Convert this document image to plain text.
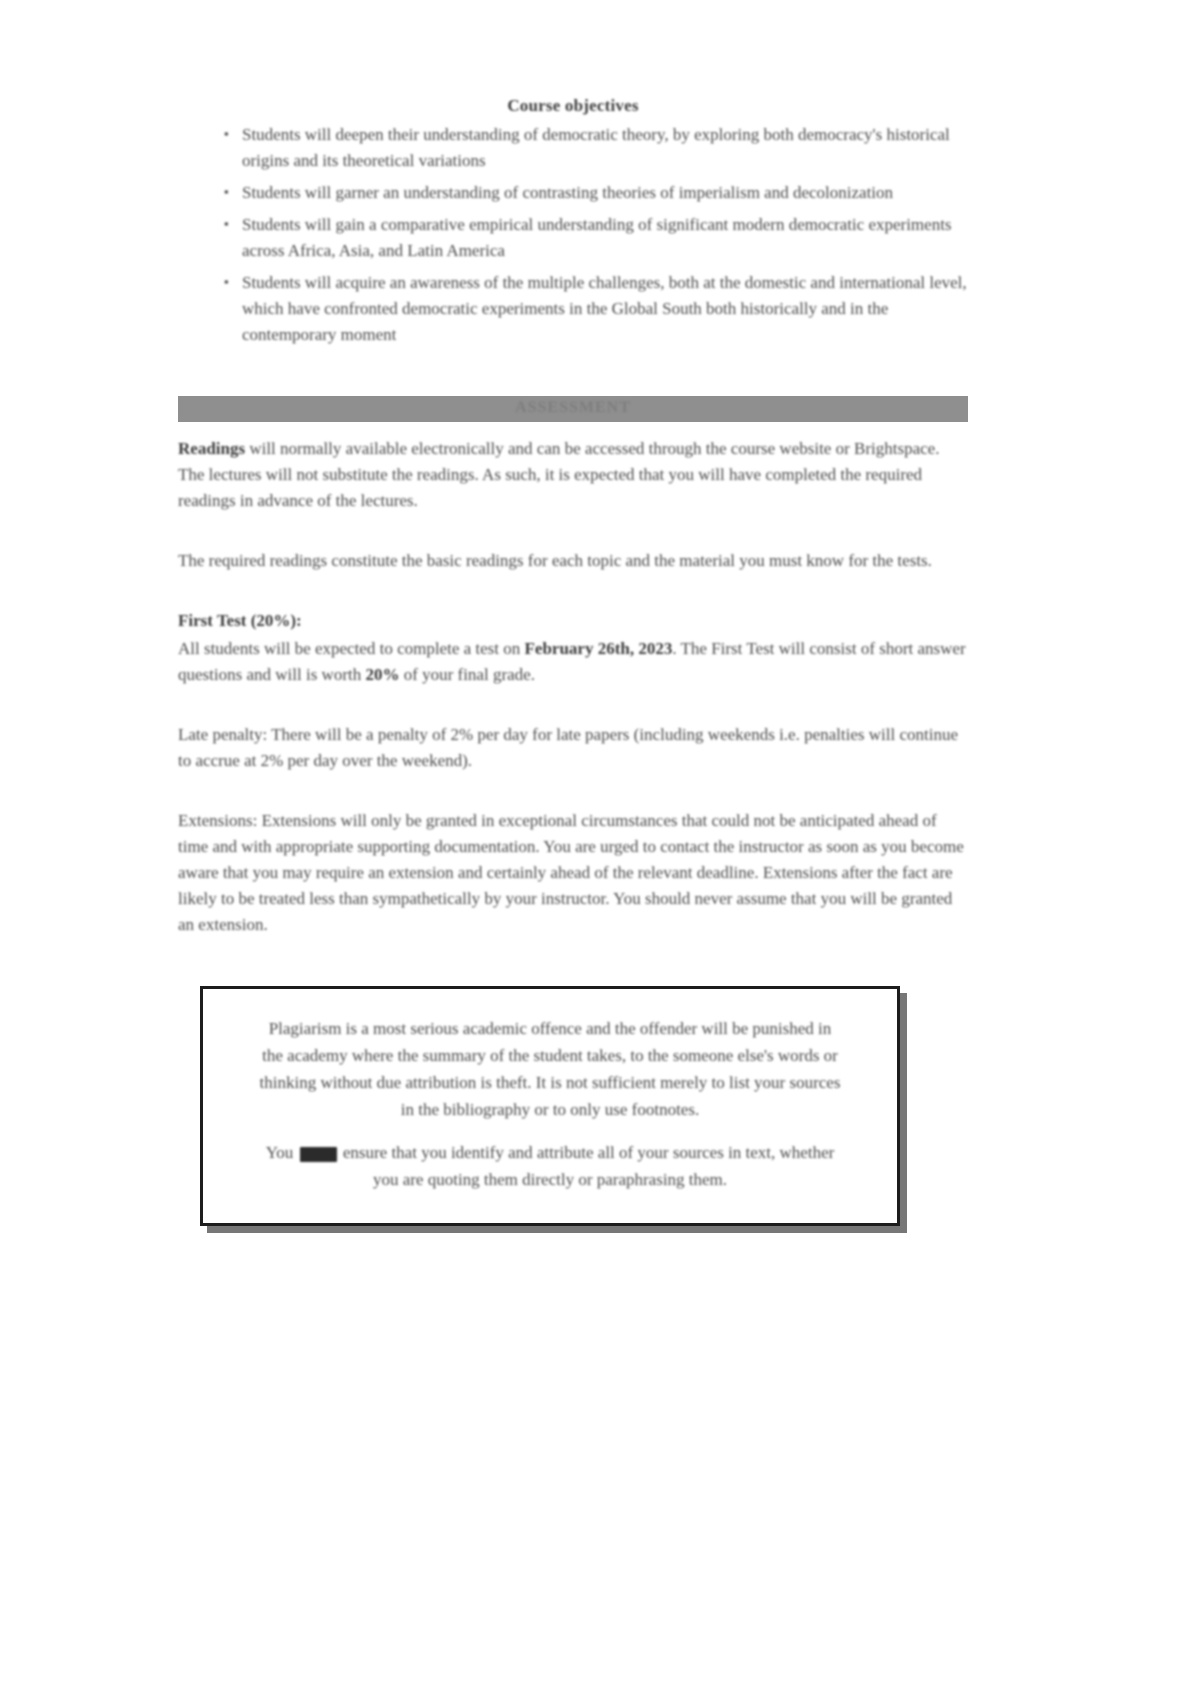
Course objectives
▪ Students will deepen their understanding of democratic theory, by exploring both democracy's historical origins and its theoretical variations
▪ Students will garner an understanding of contrasting theories of imperialism and decolonization
▪ Students will gain a comparative empirical understanding of significant modern democratic experiments across Africa, Asia, and Latin America
▪ Students will acquire an awareness of the multiple challenges, both at the domestic and international level, which have confronted democratic experiments in the Global South both historically and in the contemporary moment
ASSESSMENT

Readings will normally available electronically and can be accessed through the course website or Brightspace. The lectures will not substitute the readings. As such, it is expected that you will have completed the required readings in advance of the lectures.

The required readings constitute the basic readings for each topic and the material you must know for the tests.

First Test (20%):

All students will be expected to complete a test on February 26th, 2023. The First Test will consist of short answer questions and will is worth 20% of your final grade.

Late penalty: There will be a penalty of 2% per day for late papers (including weekends i.e. penalties will continue to accrue at 2% per day over the weekend).

Extensions: Extensions will only be granted in exceptional circumstances that could not be anticipated ahead of time and with appropriate supporting documentation. You are urged to contact the instructor as soon as you become aware that you may require an extension and certainly ahead of the relevant deadline. Extensions after the fact are likely to be treated less than sympathetically by your instructor. You should never assume that you will be granted an extension.

Plagiarism is a most serious academic offence and the offender will be punished in the academy where the summary of the student takes, to the someone else's words or thinking without due attribution is theft. It is not sufficient merely to list your sources in the bibliography or to only use footnotes.

You  ensure that you identify and attribute all of your sources in text, whether you are quoting them directly or paraphrasing them.
